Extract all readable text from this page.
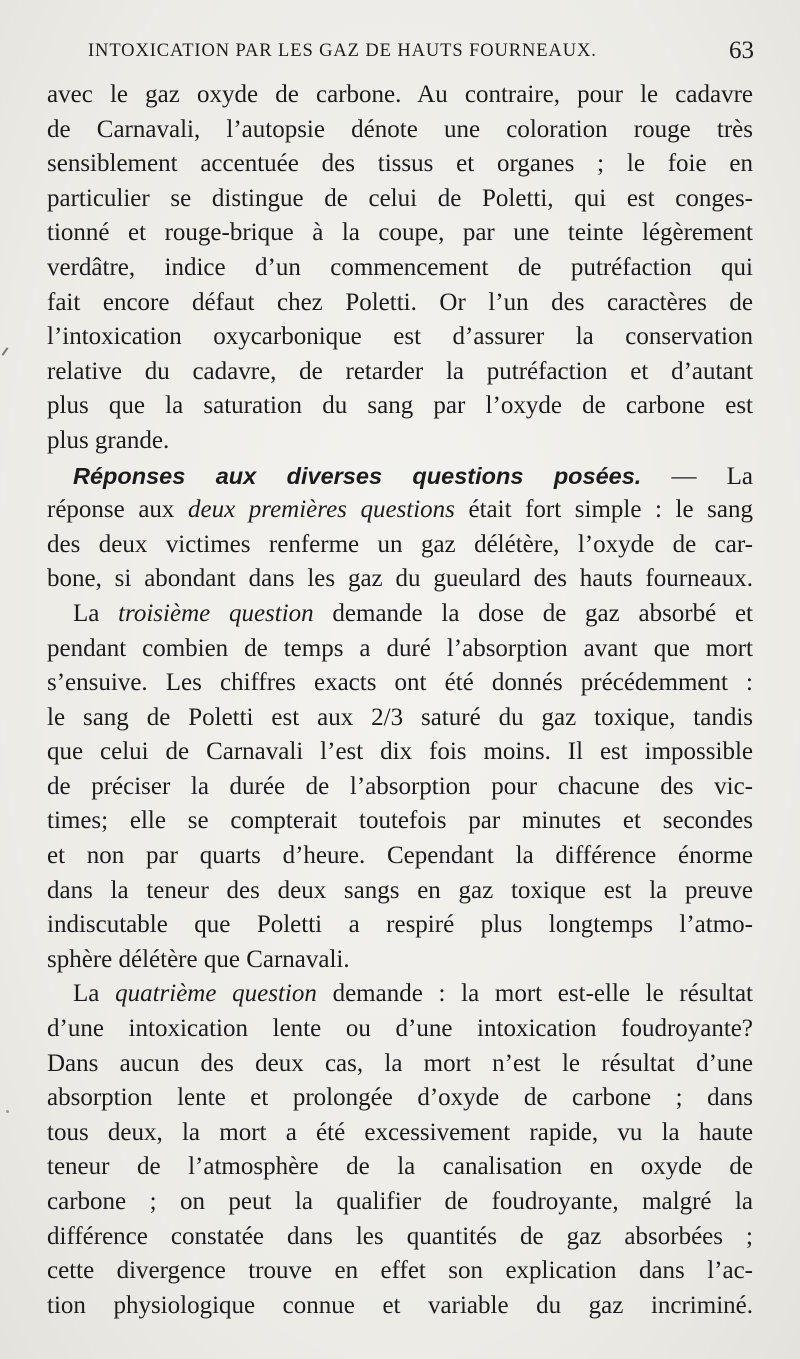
INTOXICATION PAR LES GAZ DE HAUTS FOURNEAUX.	63
avec le gaz oxyde de carbone. Au contraire, pour le cadavre
de Carnavali, l’autopsie dénote une coloration rouge très
sensiblement accentuée des tissus et organes ; le foie en
particulier se distingue de celui de Poletti, qui est conges-
tionné et rouge-brique à la coupe, par une teinte légèrement
verdâtre, indice d’un commencement de putréfaction qui
fait encore défaut chez Poletti. Or l’un des caractères de
l’intoxication oxycarbonique est d’assurer la conservation
relative du cadavre, de retarder la putréfaction et d’autant
plus que la saturation du sang par l’oxyde de carbone est
plus grande.
Réponses aux diverses questions posées. — La
réponse aux deux premières questions était fort simple : le sang
des deux victimes renferme un gaz délétère, l’oxyde de car-
bone, si abondant dans les gaz du gueulard des hauts fourneaux.
La troisième question demande la dose de gaz absorbé et
pendant combien de temps a duré l’absorption avant que mort
s’ensuive. Les chiffres exacts ont été donnés précédemment :
le sang de Poletti est aux 2/3 saturé du gaz toxique, tandis
que celui de Carnavali l’est dix fois moins. Il est impossible
de préciser la durée de l’absorption pour chacune des vic-
times; elle se compterait toutefois par minutes et secondes
et non par quarts d’heure. Cependant la différence énorme
dans la teneur des deux sangs en gaz toxique est la preuve
indiscutable que Poletti a respiré plus longtemps l’atmo-
sphère délétère que Carnavali.
La quatrième question demande : la mort est-elle le résultat
d’une intoxication lente ou d’une intoxication foudroyante?
Dans aucun des deux cas, la mort n’est le résultat d’une
absorption lente et prolongée d’oxyde de carbone ; dans
tous deux, la mort a été excessivement rapide, vu la haute
teneur de l’atmosphère de la canalisation en oxyde de
carbone ; on peut la qualifier de foudroyante, malgré la
différence constatée dans les quantités de gaz absorbées ;
cette divergence trouve en effet son explication dans l’ac-
tion physiologique connue et variable du gaz incriminé.
